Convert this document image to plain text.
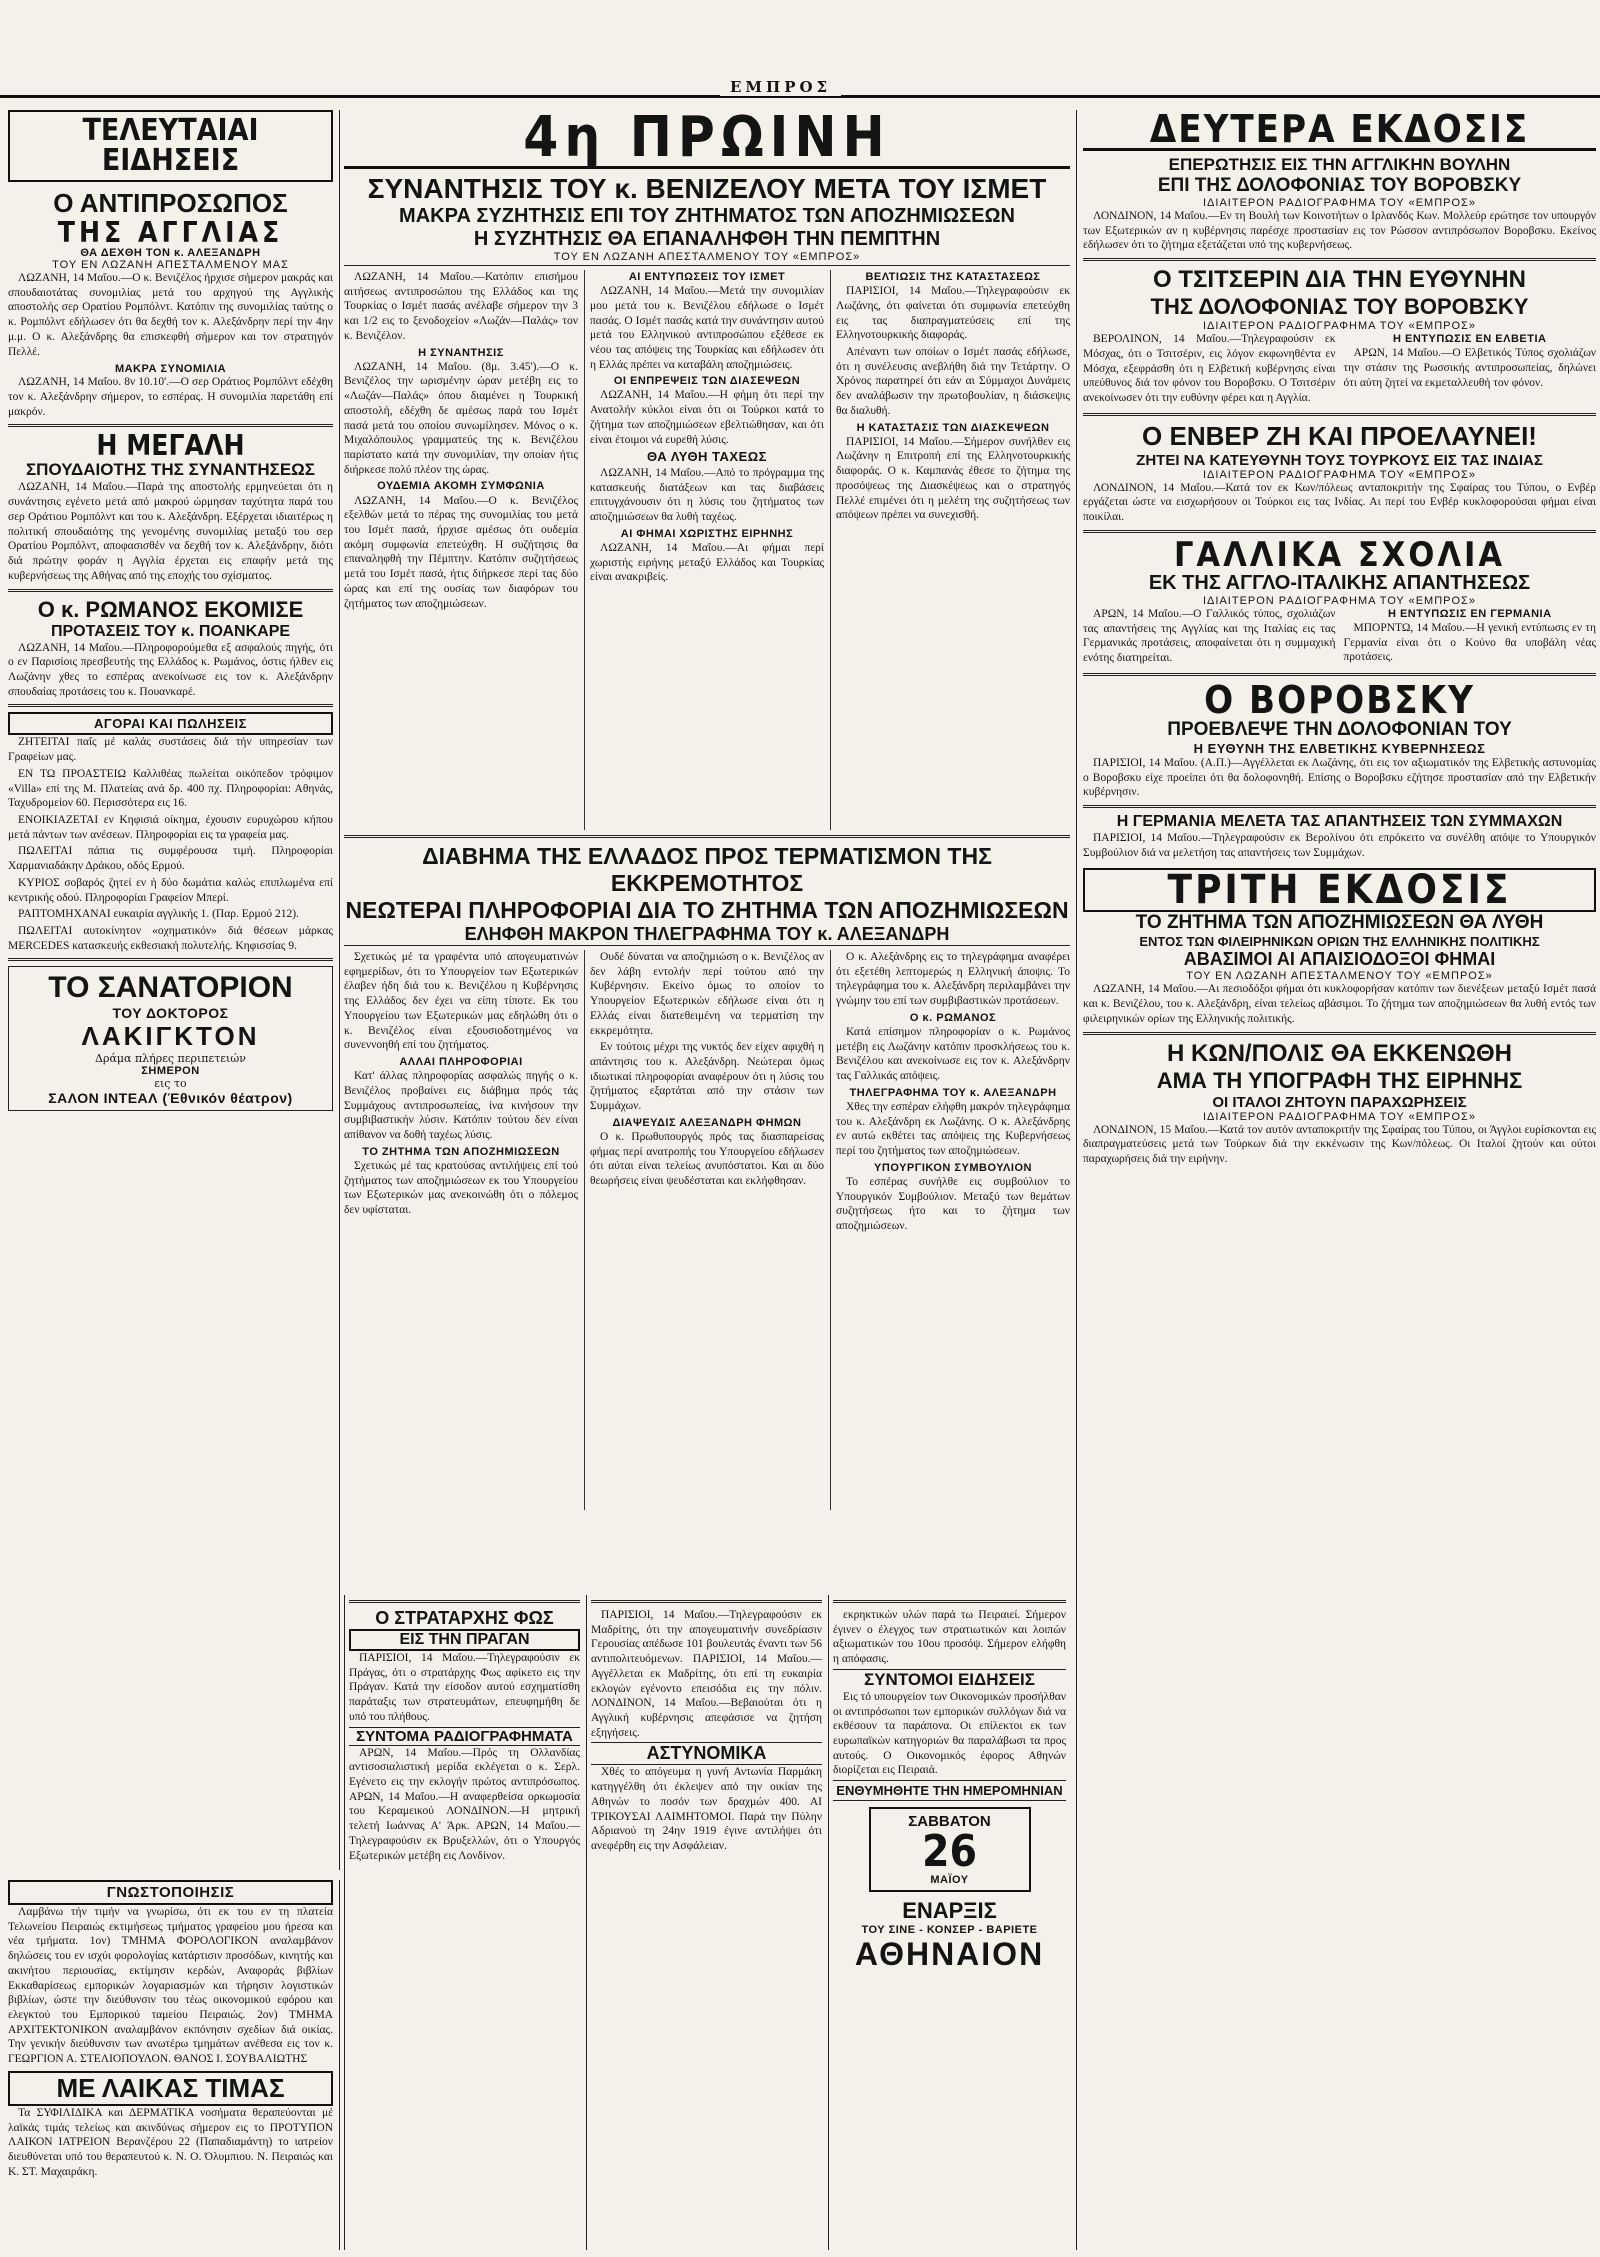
ΕΜΠΡΟΣ
ΤΕΛΕΥΤΑΙΑΙ ΕΙΔΗΣΕΙΣ
Ο ΑΝΤΙΠΡΟΣΩΠΟΣ
ΤΗΣ ΑΓΓΛΙΑΣ
ΘΑ ΔΕΧΘΗ ΤΟΝ κ. ΑΛΕΞΑΝΔΡΗ
ΤΟΥ ΕΝ ΛΩΖΑΝΗ ΑΠΕΣΤΑΛΜΕΝΟΥ ΜΑΣ

ΛΩΖΑΝΗ, 14 Μαΐου.—Ο κ. Βενιζέλος ήρχισε σήμερον μακράς και σπουδαιοτάτας συνομιλίας μετά του αρχηγού της Αγγλικής αποστολής σερ Ορατίου Ρομπόλντ. Κατόπιν της συνομιλίας ταύτης ο κ. Ρομπόλντ εδήλωσεν ότι θα δεχθή τον κ. Αλεξάνδρην περί την 4ην μ.μ. Ο κ. Αλεξάνδρης θα επισκεφθή σήμερον και τον στρατηγόν Πελλέ.

ΜΑΚΡΑ ΣΥΝΟΜΙΛΙΑ

ΛΩΖΑΝΗ, 14 Μαΐου. 8ν 10.10'.—Ο σερ Οράτιος Ρομπόλντ εδέχθη τον κ. Αλεξάνδρην σήμερον, το εσπέρας. Η συνομιλία παρετάθη επί μακρόν.

Η ΜΕΓΑΛΗ
ΣΠΟΥΔΑΙΟΤΗΣ ΤΗΣ ΣΥΝΑΝΤΗΣΕΩΣ

ΛΩΖΑΝΗ, 14 Μαΐου.—Παρά της αποστολής ερμηνεύεται ότι η συνάντησις εγένετο μετά από μακρού ώρμησαν ταχύτητα παρά του σερ Οράτιου Ρομπόλντ και του κ. Αλεξάνδρη. Εξέρχεται ιδιαιτέρως η πολιτική σπουδαιότης της γενομένης συνομιλίας μεταξύ του σερ Ορατίου Ρομπόλντ, αποφασισθέν να δεχθή τον κ. Αλεξάνδρην, διότι διά πρώτην φοράν η Αγγλία έρχεται εις επαφήν μετά της κυβερνήσεως της Αθήνας από της εποχής του σχίσματος.

Ο κ. ΡΩΜΑΝΟΣ ΕΚΟΜΙΣΕ
ΠΡΟΤΑΣΕΙΣ ΤΟΥ κ. ΠΟΑΝΚΑΡΕ

ΛΩΖΑΝΗ, 14 Μαΐου.—Πληροφορούμεθα εξ ασφαλούς πηγής, ότι ο εν Παρισίοις πρεσβευτής της Ελλάδος κ. Ρωμάνος, όστις ήλθεν εις Λωζάνην χθες το εσπέρας ανεκοίνωσε εις τον κ. Αλεξάνδρην σπουδαίας προτάσεις του κ. Πουανκαρέ.

ΑΓΟΡΑΙ ΚΑΙ ΠΩΛΗΣΕΙΣ

ΖΗΤΕΙΤΑΙ παΐς μέ καλάς συστάσεις διά τήν υπηρεσίαν των Γραφείων μας.

ΕΝ ΤΩ ΠΡΟΑΣΤΕΙΩ Καλλιθέας πωλείται οικόπεδον τρόφιμον «Villa» επί της Μ. Πλατείας ανά δρ. 400 πχ. Πληροφορίαι: Αθηνάς, Ταχυδρομείον 60. Περισσότερα εις 16.

ΕΝΟΙΚΙΑΖΕΤΑΙ εν Κηφισιά οίκημα, έχουσιν ευρυχώρου κήπου μετά πάντων των ανέσεων. Πληροφορίαι εις τα γραφεία μας.

ΠΩΛΕΙΤΑΙ πάπια τις συμφέρουσα τιμή. Πληροφορίαι Χαρμανιαδάκην Δράκου, οδός Ερμού.

ΚΥΡΙΟΣ σοβαρός ζητεί εν ή δύο δωμάτια καλώς επιπλωμένα επί κεντρικής οδού. Πληροφορίαι Γραφείον Μπερί.

ΡΑΠΤΟΜΗΧΑΝΑΙ ευκαιρία αγγλικής 1. (Παρ. Ερμού 212).

ΠΩΛΕΙΤΑΙ αυτοκίνητον «οχηματικόν» διά θέσεων μάρκας MERCEDES κατασκευής εκθεσιακή πολυτελής. Κηφισσίας 9.

ΤΟ ΣΑΝΑΤΟΡΙΟΝ
ΤΟΥ ΔΟΚΤΟΡΟΣ
ΛΑΚΙΓΚΤΟΝ
Δράμα πλήρες περιπετειών
ΣΗΜΕΡΟΝ
εις το
ΣΑΛΟΝ ΙΝΤΕΑΛ (Έθνικόν θέατρον)
ΓΝΩΣΤΟΠΟΙΗΣΙΣ

Λαμβάνω τήν τιμήν να γνωρίσω, ότι εκ του εν τη πλατεία Τελωνείου Πειραιώς εκτιμήσεως τμήματος γραφείου μου ήρεσα και νέα τμήματα. 1ον) ΤΜΗΜΑ ΦΟΡΟΛΟΓΙΚΟΝ αναλαμβάνον δηλώσεις του εν ισχύι φορολογίας κατάρτισιν προσόδων, κινητής και ακινήτου περιουσίας, εκτίμησιν κερδών, Αναφοράς βιβλίων Εκκαθαρίσεως εμπορικών λογαριασμών και τήρησιν λογιστικών βιβλίων, ώστε την διεύθυνσιν του τέως οικονομικού εφόρου και ελεγκτού του Εμπορικού ταμείου Πειραιώς. 2ον) ΤΜΗΜΑ ΑΡΧΙΤΕΚΤΟΝΙΚΟΝ αναλαμβάνον εκπόνησιν σχεδίων διά οικίας. Την γενικήν διεύθυνσιν των ανωτέρω τμημάτων ανέθεσα εις τον κ. ΓΕΩΡΓΙΟΝ Α. ΣΤΕΛΙΟΠΟΥΛΟΝ. ΘΑΝΟΣ Ι. ΣΟΥΒΑΛΙΩΤΗΣ

ΜΕ ΛΑΙΚΑΣ ΤΙΜΑΣ

Τα ΣΥΦΙΛΙΔΙΚΑ και ΔΕΡΜΑΤΙΚΑ νοσήματα θεραπεύονται μέ λαϊκάς τιμάς τελείως και ακινδύνως σήμερον εις το ΠΡΟΤΥΠΟΝ ΛΑΙΚΟΝ ΙΑΤΡΕΙΟΝ Βερανζέρου 22 (Παπαδιαμάντη) το ιατρείον διευθύνεται υπό του θεραπευτού κ. Ν. Ο. Όλυμπιου. Ν. Πειραιώς και Κ. ΣΤ. Μαχαιράκη.

4η ΠΡΩΙΝΗ
ΣΥΝΑΝΤΗΣΙΣ ΤΟΥ κ. ΒΕΝΙΖΕΛΟΥ ΜΕΤΑ ΤΟΥ ΙΣΜΕΤ
ΜΑΚΡΑ ΣΥΖΗΤΗΣΙΣ ΕΠΙ ΤΟΥ ΖΗΤΗΜΑΤΟΣ ΤΩΝ ΑΠΟΖΗΜΙΩΣΕΩΝ
Η ΣΥΖΗΤΗΣΙΣ ΘΑ ΕΠΑΝΑΛΗΦΘΗ ΤΗΝ ΠΕΜΠΤΗΝ
ΤΟΥ ΕΝ ΛΩΖΑΝΗ ΑΠΕΣΤΑΛΜΕΝΟΥ ΤΟΥ «ΕΜΠΡΟΣ»

ΛΩΖΑΝΗ, 14 Μαΐου.—Κατόπιν επισήμου αιτήσεως αντιπροσώπου της Ελλάδος και της Τουρκίας ο Ισμέτ πασάς ανέλαβε σήμερον την 3 και 1/2 εις το ξενοδοχείον «Λωζάν—Παλάς» τον κ. Βενιζέλον.

Η ΣΥΝΑΝΤΗΣΙΣ

ΛΩΖΑΝΗ, 14 Μαΐου. (8μ. 3.45').—Ο κ. Βενιζέλος την ωρισμένην ώραν μετέβη εις το «Λωζάν—Παλάς» όπου διαμένει η Τουρκική αποστολή, εδέχθη δε αμέσως παρά του Ισμέτ πασά μετά του οποίου συνωμίλησεν. Μόνος ο κ. Μιχαλόπουλος γραμματεύς της κ. Βενιζέλου παρίστατο κατά την συνομιλίαν, την οποίαν ήτις διήρκεσε πολύ πλέον της ώρας.

ΟΥΔΕΜΙΑ ΑΚΟΜΗ ΣΥΜΦΩΝΙΑ

ΛΩΖΑΝΗ, 14 Μαΐου.—Ο κ. Βενιζέλος εξελθών μετά το πέρας της συνομιλίας του μετά του Ισμέτ πασά, ήρχισε αμέσως ότι ουδεμία ακόμη συμφωνία επετεύχθη. Η συζήτησις θα επαναληφθή την Πέμπτην. Κατόπιν συζητήσεως μετά του Ισμέτ πασά, ήτις διήρκεσε περί τας δύο ώρας και επί της ουσίας των διαφόρων του ζητήματος των αποζημιώσεων.

ΑΙ ΕΝΤΥΠΩΣΕΙΣ ΤΟΥ ΙΣΜΕΤ

ΛΩΖΑΝΗ, 14 Μαΐου.—Μετά την συνομιλίαν μου μετά του κ. Βενιζέλου εδήλωσε ο Ισμέτ πασάς. Ο Ισμέτ πασάς κατά την συνάντησιν αυτού μετά του Ελληνικού αντιπροσώπου εξέθεσε εκ νέου τας απόψεις της Τουρκίας και εδήλωσεν ότι η Ελλάς πρέπει να καταβάλη αποζημιώσεις.

ΟΙ ΕΝΠΡΕΨΕΙΣ ΤΩΝ ΔΙΑΣΕΨΕΩΝ

ΛΩΖΑΝΗ, 14 Μαΐου.—Η φήμη ότι περί την Ανατολήν κύκλοι είναι ότι οι Τούρκοι κατά το ζήτημα των αποζημιώσεων εβελτιώθησαν, και ότι είναι έτοιμοι νά ευρεθή λύσις.

ΘΑ ΛΥΘΗ ΤΑΧΕΩΣ

ΛΩΖΑΝΗ, 14 Μαΐου.—Από το πρόγραμμα της κατασκευής διατάξεων και τας διαβάσεις επιτυγχάνουσιν ότι η λύσις του ζητήματος των αποζημιώσεων θα λυθή ταχέως.

ΑΙ ΦΗΜΑΙ ΧΩΡΙΣΤΗΣ ΕΙΡΗΝΗΣ

ΛΩΖΑΝΗ, 14 Μαΐου.—Αι φήμαι περί χωριστής ειρήνης μεταξύ Ελλάδος και Τουρκίας είναι ανακριβείς.

ΒΕΛΤΙΩΣΙΣ ΤΗΣ ΚΑΤΑΣΤΑΣΕΩΣ

ΠΑΡΙΣΙΟΙ, 14 Μαΐου.—Τηλεγραφούσιν εκ Λωζάνης, ότι φαίνεται ότι συμφωνία επετεύχθη εις τας διαπραγματεύσεις επί της Ελληνοτουρκικής διαφοράς.

Απέναντι των οποίων ο Ισμέτ πασάς εδήλωσε, ότι η συνέλευσις ανεβλήθη διά την Τετάρτην. Ο Χρόνος παρατηρεί ότι εάν αι Σύμμαχοι Δυνάμεις δεν αναλάβωσιν την πρωτοβουλίαν, η διάσκεψις θα διαλυθή.

Η ΚΑΤΑΣΤΑΣΙΣ ΤΩΝ ΔΙΑΣΚΕΨΕΩΝ

ΠΑΡΙΣΙΟΙ, 14 Μαΐου.—Σήμερον συνήλθεν εις Λωζάνην η Επιτροπή επί της Ελληνοτουρκικής διαφοράς. Ο κ. Καμπανάς έθεσε το ζήτημα της προσόψεως της Διασκέψεως και ο στρατηγός Πελλέ επιμένει ότι η μελέτη της συζητήσεως των απόψεων πρέπει να συνεχισθή.

ΔΙΑΒΗΜΑ ΤΗΣ ΕΛΛΑΔΟΣ ΠΡΟΣ ΤΕΡΜΑΤΙΣΜΟΝ ΤΗΣ ΕΚΚΡΕΜΟΤΗΤΟΣ
ΝΕΩΤΕΡΑΙ ΠΛΗΡΟΦΟΡΙΑΙ ΔΙΑ ΤΟ ΖΗΤΗΜΑ ΤΩΝ ΑΠΟΖΗΜΙΩΣΕΩΝ
ΕΛΗΦΘΗ ΜΑΚΡΟΝ ΤΗΛΕΓΡΑΦΗΜΑ ΤΟΥ κ. ΑΛΕΞΑΝΔΡΗ

Σχετικώς μέ τα γραφέντα υπό απογευματινών εφημερίδων, ότι το Υπουργείον των Εξωτερικών έλαβεν ήδη διά του κ. Βενιζέλου η Κυβέρνησις της Ελλάδος δεν έχει να είπη τίποτε. Εκ του Υπουργείου των Εξωτερικών μας εδηλώθη ότι ο κ. Βενιζέλος είναι εξουσιοδοτημένος να συνεννοηθή επί του ζητήματος.

ΑΛΛΑΙ ΠΛΗΡΟΦΟΡΙΑΙ

Κατ' άλλας πληροφορίας ασφαλώς πηγής ο κ. Βενιζέλος προβαίνει εις διάβημα πρός τάς Συμμάχους αντιπροσωπείας, ίνα κινήσουν την συμβιβαστικήν λύσιν. Κατόπιν τούτου δεν είναι απίθανον να δοθή ταχέως λύσις.

ΤΟ ΖΗΤΗΜΑ ΤΩΝ ΑΠΟΖΗΜΙΩΣΕΩΝ

Σχετικώς μέ τας κρατούσας αντιλήψεις επί τού ζητήματος των αποζημιώσεων εκ του Υπουργείου των Εξωτερικών μας ανεκοινώθη ότι ο πόλεμος δεν υφίσταται.

Ουδέ δύναται να αποζημιώση ο κ. Βενιζέλος αν δεν λάβη εντολήν περί τούτου από την Κυβέρνησιν. Εκείνο όμως το οποίον το Υπουργείον Εξωτερικών εδήλωσε είναι ότι η Ελλάς είναι διατεθειμένη να τερματίση την εκκρεμότητα.

Εν τούτοις μέχρι της νυκτός δεν είχεν αφιχθή η απάντησις του κ. Αλεξάνδρη. Νεώτεραι όμως ιδιωτικαί πληροφορίαι αναφέρουν ότι η λύσις του ζητήματος εξαρτάται από την στάσιν των Συμμάχων.

ΔΙΑΨΕΥΔΙΣ ΑΛΕΞΑΝΔΡΗ ΦΗΜΩΝ

Ο κ. Πρωθυπουργός πρός τας διασπαρείσας φήμας περί ανατροπής του Υπουργείου εδήλωσεν ότι αύται είναι τελείως ανυπόστατοι. Και αι δύο θεωρήσεις είναι ψευδέσταται και εκλήφθησαν.

Ο κ. Αλεξάνδρης εις το τηλεγράφημα αναφέρει ότι εξετέθη λεπτομερώς η Ελληνική άποψις. Το τηλεγράφημα του κ. Αλεξάνδρη περιλαμβάνει την γνώμην του επί των συμβιβαστικών προτάσεων.

Ο κ. ΡΩΜΑΝΟΣ

Κατά επίσημον πληροφορίαν ο κ. Ρωμάνος μετέβη εις Λωζάνην κατόπιν προσκλήσεως του κ. Βενιζέλου και ανεκοίνωσε εις τον κ. Αλεξάνδρην τας Γαλλικάς απόψεις.

ΤΗΛΕΓΡΑΦΗΜΑ ΤΟΥ κ. ΑΛΕΞΑΝΔΡΗ

Χθες την εσπέραν ελήφθη μακρόν τηλεγράφημα του κ. Αλεξάνδρη εκ Λωζάνης. Ο κ. Αλεξάνδρης εν αυτώ εκθέτει τας απόψεις της Κυβερνήσεως περί του ζητήματος των αποζημιώσεων.

ΥΠΟΥΡΓΙΚΟΝ ΣΥΜΒΟΥΛΙΟΝ

Το εσπέρας συνήλθε εις συμβούλιον το Υπουργικόν Συμβούλιον. Μεταξύ των θεμάτων συζητήσεως ήτο και το ζήτημα των αποζημιώσεων.

Ο ΣΤΡΑΤΑΡΧΗΣ ΦΩΣ
ΕΙΣ ΤΗΝ ΠΡΑΓΑΝ

ΠΑΡΙΣΙΟΙ, 14 Μαΐου.—Τηλεγραφούσιν εκ Πράγας, ότι ο στρατάρχης Φως αφίκετο εις την Πράγαν. Κατά την είσοδον αυτού εσχηματίσθη παράταξις των στρατευμάτων, επευφημήθη δε υπό του πλήθους.

ΣΥΝΤΟΜΑ ΡΑΔΙΟΓΡΑΦΗΜΑΤΑ

ΑΡΩΝ, 14 Μαΐου.—Πρός τη Ολλανδίας αντισοσιαλιστική μερίδα εκλέγεται ο κ. Σερλ. Εγένετο εις την εκλογήν πρώτος αντιπρόσωπος. ΑΡΩΝ, 14 Μαΐου.—Η αναφερθείσα ορκωμοσία του Κεραμεικού ΛΟΝΔΙΝΟΝ.—Η μητρική τελετή Ιωάννας Α' Άρκ. ΑΡΩΝ, 14 Μαΐου.—Τηλεγραφούσιν εκ Βρυξελλών, ότι ο Υπουργός Εξωτερικών μετέβη εις Λονδίνον.

ΠΑΡΙΣΙΟΙ, 14 Μαΐου.—Τηλεγραφούσιν εκ Μαδρίτης, ότι την απογευματινήν συνεδρίασιν Γερουσίας απέδωσε 101 βουλευτάς έναντι των 56 αντιπολιτευόμενων. ΠΑΡΙΣΙΟΙ, 14 Μαΐου.—Αγγέλλεται εκ Μαδρίτης, ότι επί τη ευκαιρία εκλογών εγένοντο επεισόδια εις την πόλιν. ΛΟΝΔΙΝΟΝ, 14 Μαΐου.—Βεβαιούται ότι η Αγγλική κυβέρνησις απεφάσισε να ζητήση εξηγήσεις.

ΑΣΤΥΝΟΜΙΚΑ

Χθές το απόγευμα η γυνή Αντωνία Παρμάκη κατηγγέλθη ότι έκλεψεν από την οικίαν της Αθηνών το ποσόν των δραχμών 400. ΑΙ ΤΡΙΚΟΥΣΑΙ ΛΑΙΜΗΤΟΜΟΙ. Παρά την Πύλην Αδριανού τη 24ην 1919 έγινε αντιλήψει ότι ανεφέρθη εις την Ασφάλειαν.

εκρηκτικών υλών παρά τω Πειραιεί. Σήμερον έγινεν ο έλεγχος των στρατιωτικών και λοιπών αξιωματικών του 10ου προσόψ. Σήμερον ελήφθη η απόφασις.

ΣΥΝΤΟΜΟΙ ΕΙΔΗΣΕΙΣ

Εις τό υπουργείον των Οικονομικών προσήλθαν οι αντιπρόσωποι των εμπορικών συλλόγων διά να εκθέσουν τα παράπονα. Οι επίλεκτοι εκ των ευρωπαϊκών κατηγοριών θα παραλάβωσι τα προς αυτούς. Ο Οικονομικός έφορος Αθηνών διορίζεται εις Πειραιά.

ΕΝΘΥΜΗΘΗΤΕ ΤΗΝ ΗΜΕΡΟΜΗΝΙΑΝ
ΣΑΒΒΑΤΟΝ
26
ΜΑΪΟΥ
ΕΝΑΡΞΙΣ
ΤΟΥ ΣΙΝΕ - ΚΟΝΣΕΡ - ΒΑΡΙΕΤΕ
ΑΘΗΝΑΙΟΝ
ΔΕΥΤΕΡΑ ΕΚΔΟΣΙΣ
ΕΠΕΡΩΤΗΣΙΣ ΕΙΣ ΤΗΝ ΑΓΓΛΙΚΗΝ ΒΟΥΛΗΝ
ΕΠΙ ΤΗΣ ΔΟΛΟΦΟΝΙΑΣ ΤΟΥ ΒΟΡΟΒΣΚΥ
ΙΔΙΑΙΤΕΡΟΝ ΡΑΔΙΟΓΡΑΦΗΜΑ ΤΟΥ «ΕΜΠΡΟΣ»

ΛΟΝΔΙΝΟΝ, 14 Μαΐου.—Εν τη Βουλή των Κοινοτήτων ο Ιρλανδός Κων. Μολλεύρ ερώτησε τον υπουργόν των Εξωτερικών αν η κυβέρνησις παρέσχε προστασίαν εις τον Ρώσσον αντιπρόσωπον Βοροβσκυ. Εκείνος εδήλωσεν ότι το ζήτημα εξετάζεται υπό της κυβερνήσεως.

Ο ΤΣΙΤΣΕΡΙΝ ΔΙΑ ΤΗΝ ΕΥΘΥΝΗΝ
ΤΗΣ ΔΟΛΟΦΟΝΙΑΣ ΤΟΥ ΒΟΡΟΒΣΚΥ
ΙΔΙΑΙΤΕΡΟΝ ΡΑΔΙΟΓΡΑΦΗΜΑ ΤΟΥ «ΕΜΠΡΟΣ»

ΒΕΡΟΛΙΝΟΝ, 14 Μαΐου.—Τηλεγραφούσιν εκ Μόσχας, ότι ο Τσιτσέριν, εις λόγον εκφωνηθέντα εν Μόσχα, εξεφράσθη ότι η Ελβετική κυβέρνησις είναι υπεύθυνος διά τον φόνον του Βοροβσκυ. Ο Τσιτσέριν ανεκοίνωσεν ότι την ευθύνην φέρει και η Αγγλία.

Η ΕΝΤΥΠΩΣΙΣ ΕΝ ΕΛΒΕΤΙΑ

ΑΡΩΝ, 14 Μαΐου.—Ο Ελβετικός Τύπος σχολιάζων την στάσιν της Ρωσσικής αντιπροσωπείας, δηλώνει ότι αύτη ζητεί να εκμεταλλευθή τον φόνον.

Ο ΕΝΒΕΡ ΖΗ ΚΑΙ ΠΡΟΕΛΑΥΝΕΙ!
ΖΗΤΕΙ ΝΑ ΚΑΤΕΥΘΥΝΗ ΤΟΥΣ ΤΟΥΡΚΟΥΣ ΕΙΣ ΤΑΣ ΙΝΔΙΑΣ
ΙΔΙΑΙΤΕΡΟΝ ΡΑΔΙΟΓΡΑΦΗΜΑ ΤΟΥ «ΕΜΠΡΟΣ»

ΛΟΝΔΙΝΟΝ, 14 Μαΐου.—Κατά τον εκ Κων/πόλεως ανταποκριτήν της Σφαίρας του Τύπου, ο Ενβέρ εργάζεται ώστε να εισχωρήσουν οι Τούρκοι εις τας Ινδίας. Αι περί του Ενβέρ κυκλοφορούσαι φήμαι είναι ποικίλαι.

ΓΑΛΛΙΚΑ ΣΧΟΛΙΑ
ΕΚ ΤΗΣ ΑΓΓΛΟ-ΙΤΑΛΙΚΗΣ ΑΠΑΝΤΗΣΕΩΣ
ΙΔΙΑΙΤΕΡΟΝ ΡΑΔΙΟΓΡΑΦΗΜΑ ΤΟΥ «ΕΜΠΡΟΣ»

ΑΡΩΝ, 14 Μαΐου.—Ο Γαλλικός τύπος, σχολιάζων τας απαντήσεις της Αγγλίας και της Ιταλίας εις τας Γερμανικάς προτάσεις, αποφαίνεται ότι η συμμαχική ενότης διατηρείται.

Η ΕΝΤΥΠΩΣΙΣ ΕΝ ΓΕΡΜΑΝΙΑ

ΜΠΟΡΝΤΩ, 14 Μαΐου.—Η γενική εντύπωσις εν τη Γερμανία είναι ότι ο Κούνο θα υποβάλη νέας προτάσεις.

Ο ΒΟΡΟΒΣΚΥ
ΠΡΟΕΒΛΕΨΕ ΤΗΝ ΔΟΛΟΦΟΝΙΑΝ ΤΟΥ
Η ΕΥΘΥΝΗ ΤΗΣ ΕΛΒΕΤΙΚΗΣ ΚΥΒΕΡΝΗΣΕΩΣ

ΠΑΡΙΣΙΟΙ, 14 Μαΐου. (Α.Π.)—Αγγέλλεται εκ Λωζάνης, ότι εις τον αξιωματικόν της Ελβετικής αστυνομίας ο Βοροβσκυ είχε προείπει ότι θα δολοφονηθή. Επίσης ο Βοροβσκυ εζήτησε προστασίαν από την Ελβετικήν κυβέρνησιν.

Η ΓΕΡΜΑΝΙΑ ΜΕΛΕΤΑ ΤΑΣ ΑΠΑΝΤΗΣΕΙΣ ΤΩΝ ΣΥΜΜΑΧΩΝ

ΠΑΡΙΣΙΟΙ, 14 Μαΐου.—Τηλεγραφούσιν εκ Βερολίνου ότι επρόκειτο να συνέλθη απόψε το Υπουργικόν Συμβούλιον διά να μελετήση τας απαντήσεις των Συμμάχων.

ΤΡΙΤΗ ΕΚΔΟΣΙΣ
ΤΟ ΖΗΤΗΜΑ ΤΩΝ ΑΠΟΖΗΜΙΩΣΕΩΝ ΘΑ ΛΥΘΗ
ΕΝΤΟΣ ΤΩΝ ΦΙΛΕΙΡΗΝΙΚΩΝ ΟΡΙΩΝ ΤΗΣ ΕΛΛΗΝΙΚΗΣ ΠΟΛΙΤΙΚΗΣ
ΑΒΑΣΙΜΟΙ ΑΙ ΑΠΑΙΣΙΟΔΟΞΟΙ ΦΗΜΑΙ
ΤΟΥ ΕΝ ΛΩΖΑΝΗ ΑΠΕΣΤΑΛΜΕΝΟΥ ΤΟΥ «ΕΜΠΡΟΣ»

ΛΩΖΑΝΗ, 14 Μαΐου.—Αι πεσιοδόξοι φήμαι ότι κυκλοφορήσαν κατόπιν των διενέξεων μεταξύ Ισμέτ πασά και κ. Βενιζέλου, του κ. Αλεξάνδρη, είναι τελείως αβάσιμοι. Το ζήτημα των αποζημιώσεων θα λυθή εντός των φιλειρηνικών ορίων της Ελληνικής πολιτικής.

Η ΚΩΝ/ΠΟΛΙΣ ΘΑ ΕΚΚΕΝΩΘΗ
ΑΜΑ ΤΗ ΥΠΟΓΡΑΦΗ ΤΗΣ ΕΙΡΗΝΗΣ
ΟΙ ΙΤΑΛΟΙ ΖΗΤΟΥΝ ΠΑΡΑΧΩΡΗΣΕΙΣ
ΙΔΙΑΙΤΕΡΟΝ ΡΑΔΙΟΓΡΑΦΗΜΑ ΤΟΥ «ΕΜΠΡΟΣ»

ΛΟΝΔΙΝΟΝ, 15 Μαΐου.—Κατά τον αυτόν ανταποκριτήν της Σφαίρας του Τύπου, οι Άγγλοι ευρίσκονται εις διαπραγματεύσεις μετά των Τούρκων διά την εκκένωσιν της Κων/πόλεως. Οι Ιταλοί ζητούν και ούτοι παραχωρήσεις διά την ειρήνην.
